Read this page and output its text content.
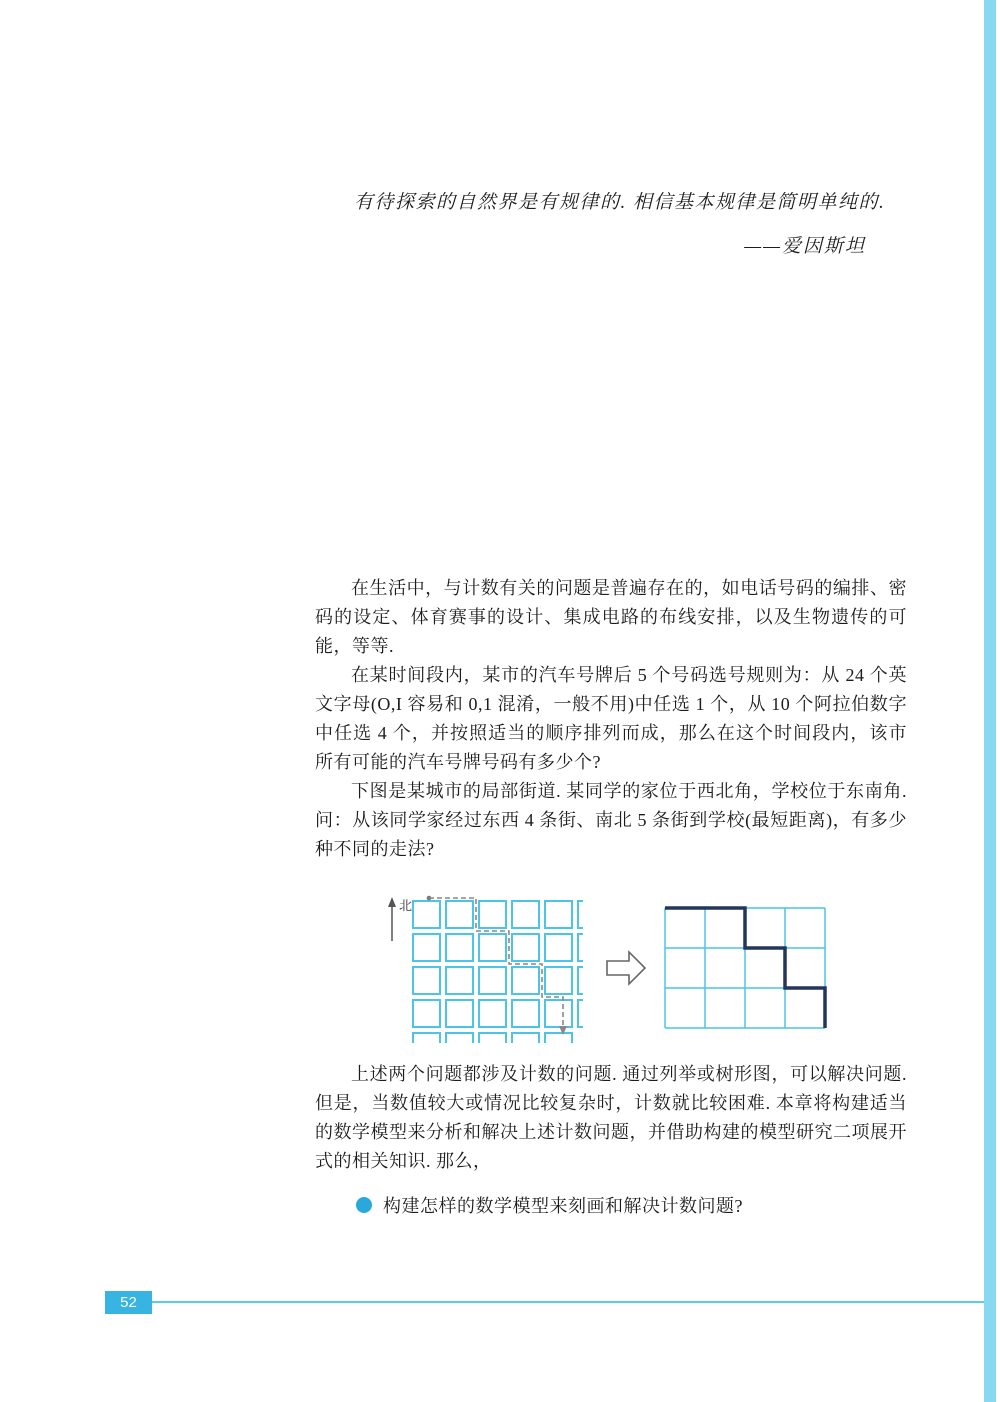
有待探索的自然界是有规律的. 相信基本规律是简明单纯的.
——爱因斯坦

在生活中，与计数有关的问题是普遍存在的，如电话号码的编排、密码的设定、体育赛事的设计、集成电路的布线安排，以及生物遗传的可能，等等.

在某时间段内，某市的汽车号牌后 5 个号码选号规则为：从 24 个英文字母(O,I 容易和 0,1 混淆，一般不用)中任选 1 个，从 10 个阿拉伯数字中任选 4 个，并按照适当的顺序排列而成，那么在这个时间段内，该市所有可能的汽车号牌号码有多少个?

下图是某城市的局部街道. 某同学的家位于西北角，学校位于东南角. 问：从该同学家经过东西 4 条街、南北 5 条街到学校(最短距离)，有多少种不同的走法?

北

上述两个问题都涉及计数的问题. 通过列举或树形图，可以解决问题. 但是，当数值较大或情况比较复杂时，计数就比较困难. 本章将构建适当的数学模型来分析和解决上述计数问题，并借助构建的模型研究二项展开式的相关知识. 那么，

构建怎样的数学模型来刻画和解决计数问题?
52
